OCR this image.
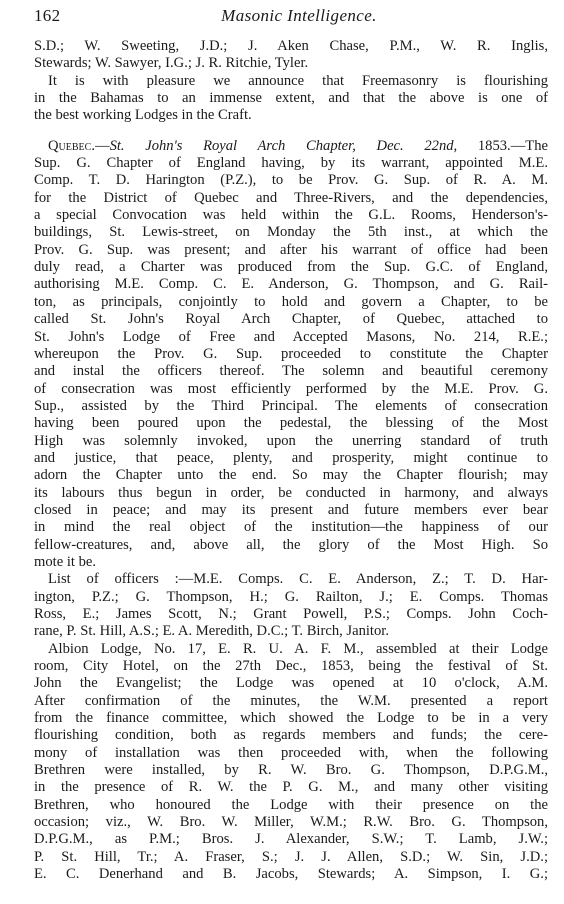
162	Masonic Intelligence.
S.D.; W. Sweeting, J.D.; J. Aken Chase, P.M., W. R. Inglis,
Stewards; W. Sawyer, I.G.; J. R. Ritchie, Tyler.
It is with pleasure we announce that Freemasonry is flourishing
in the Bahamas to an immense extent, and that the above is one of
the best working Lodges in the Craft.
Quebec.—St. John's Royal Arch Chapter, Dec. 22nd, 1853.—The
Sup. G. Chapter of England having, by its warrant, appointed M.E.
Comp. T. D. Harington (P.Z.), to be Prov. G. Sup. of R. A. M.
for the District of Quebec and Three-Rivers, and the dependencies,
a special Convocation was held within the G.L. Rooms, Henderson's-
buildings, St. Lewis-street, on Monday the 5th inst., at which the
Prov. G. Sup. was present; and after his warrant of office had been
duly read, a Charter was produced from the Sup. G.C. of England,
authorising M.E. Comp. C. E. Anderson, G. Thompson, and G. Rail-
ton, as principals, conjointly to hold and govern a Chapter, to be
called St. John's Royal Arch Chapter, of Quebec, attached to
St. John's Lodge of Free and Accepted Masons, No. 214, R.E.;
whereupon the Prov. G. Sup. proceeded to constitute the Chapter
and instal the officers thereof. The solemn and beautiful ceremony
of consecration was most efficiently performed by the M.E. Prov. G.
Sup., assisted by the Third Principal. The elements of consecration
having been poured upon the pedestal, the blessing of the Most
High was solemnly invoked, upon the unerring standard of truth
and justice, that peace, plenty, and prosperity, might continue to
adorn the Chapter unto the end. So may the Chapter flourish; may
its labours thus begun in order, be conducted in harmony, and always
closed in peace; and may its present and future members ever bear
in mind the real object of the institution—the happiness of our
fellow-creatures, and, above all, the glory of the Most High. So
mote it be.
List of officers :—M.E. Comps. C. E. Anderson, Z.; T. D. Har-
ington, P.Z.; G. Thompson, H.; G. Railton, J.; E. Comps. Thomas
Ross, E.; James Scott, N.; Grant Powell, P.S.; Comps. John Coch-
rane, P. St. Hill, A.S.; E. A. Meredith, D.C.; T. Birch, Janitor.
Albion Lodge, No. 17, E. R. U. A. F. M., assembled at their Lodge
room, City Hotel, on the 27th Dec., 1853, being the festival of St.
John the Evangelist; the Lodge was opened at 10 o'clock, A.M.
After confirmation of the minutes, the W.M. presented a report
from the finance committee, which showed the Lodge to be in a very
flourishing condition, both as regards members and funds; the cere-
mony of installation was then proceeded with, when the following
Brethren were installed, by R. W. Bro. G. Thompson, D.P.G.M.,
in the presence of R. W. the P. G. M., and many other visiting
Brethren, who honoured the Lodge with their presence on the
occasion; viz., W. Bro. W. Miller, W.M.; R.W. Bro. G. Thompson,
D.P.G.M., as P.M.; Bros. J. Alexander, S.W.; T. Lamb, J.W.;
P. St. Hill, Tr.; A. Fraser, S.; J. J. Allen, S.D.; W. Sin, J.D.;
E. C. Denerhand and B. Jacobs, Stewards; A. Simpson, I. G.;
